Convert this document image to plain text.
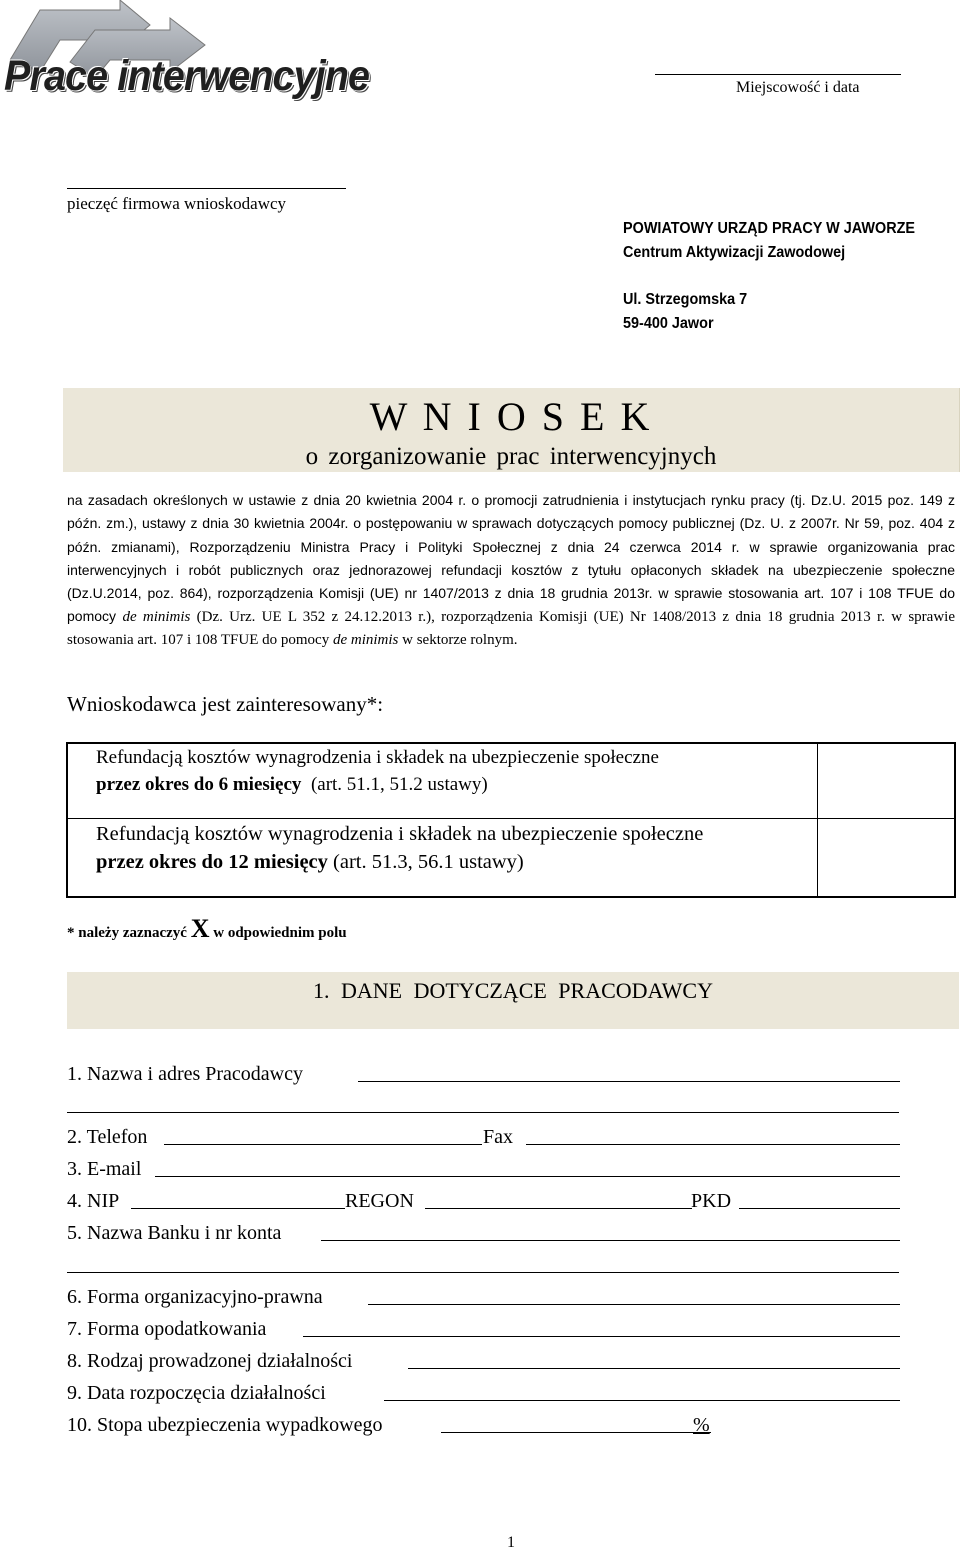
Prace interwencyjne	Miejscowość i data
pieczęć firmowa wnioskodawcy
POWIATOWY URZĄD PRACY W JAWORZE
Centrum Aktywizacji Zawodowej
Ul. Strzegomska 7
59-400 Jawor
W N I O S E K
o zorganizowanie prac interwencyjnych
na zasadach określonych w ustawie z dnia 20 kwietnia 2004 r. o promocji zatrudnienia i instytucjach rynku pracy (tj. Dz.U. 2015 poz. 149 z późn. zm.), ustawy z dnia 30 kwietnia 2004r. o postępowaniu w sprawach dotyczących pomocy publicznej (Dz. U. z 2007r. Nr 59, poz. 404 z późn. zmianami), Rozporządzeniu Ministra Pracy i Polityki Społecznej z dnia 24 czerwca 2014 r. w sprawie organizowania prac interwencyjnych i robót publicznych oraz jednorazowej refundacji kosztów z tytułu opłaconych składek na ubezpieczenie społeczne (Dz.U.2014, poz. 864), rozporządzenia Komisji (UE) nr 1407/2013 z dnia 18 grudnia 2013r. w sprawie stosowania art. 107 i 108 TFUE do pomocy de minimis (Dz. Urz. UE L 352 z 24.12.2013 r.), rozporządzenia Komisji (UE) Nr 1408/2013 z dnia 18 grudnia 2013 r. w sprawie stosowania art. 107 i 108 TFUE do pomocy de minimis w sektorze rolnym.
Wnioskodawca jest zainteresowany*:
Refundacją kosztów wynagrodzenia i składek na ubezpieczenie społeczne
przez okres do 6 miesięcy (art. 51.1, 51.2 ustawy)
Refundacją kosztów wynagrodzenia i składek na ubezpieczenie społeczne
przez okres do 12 miesięcy (art. 51.3, 56.1 ustawy)
* należy zaznaczyć X w odpowiednim polu
1. DANE DOTYCZĄCE PRACODAWCY
1. Nazwa i adres Pracodawcy
2. Telefon	Fax
3. E-mail
4. NIP	REGON	PKD
5. Nazwa Banku i nr konta
6. Forma organizacyjno-prawna
7. Forma opodatkowania
8. Rodzaj prowadzonej działalności
9. Data rozpoczęcia działalności
10. Stopa ubezpieczenia wypadkowego	%
1
